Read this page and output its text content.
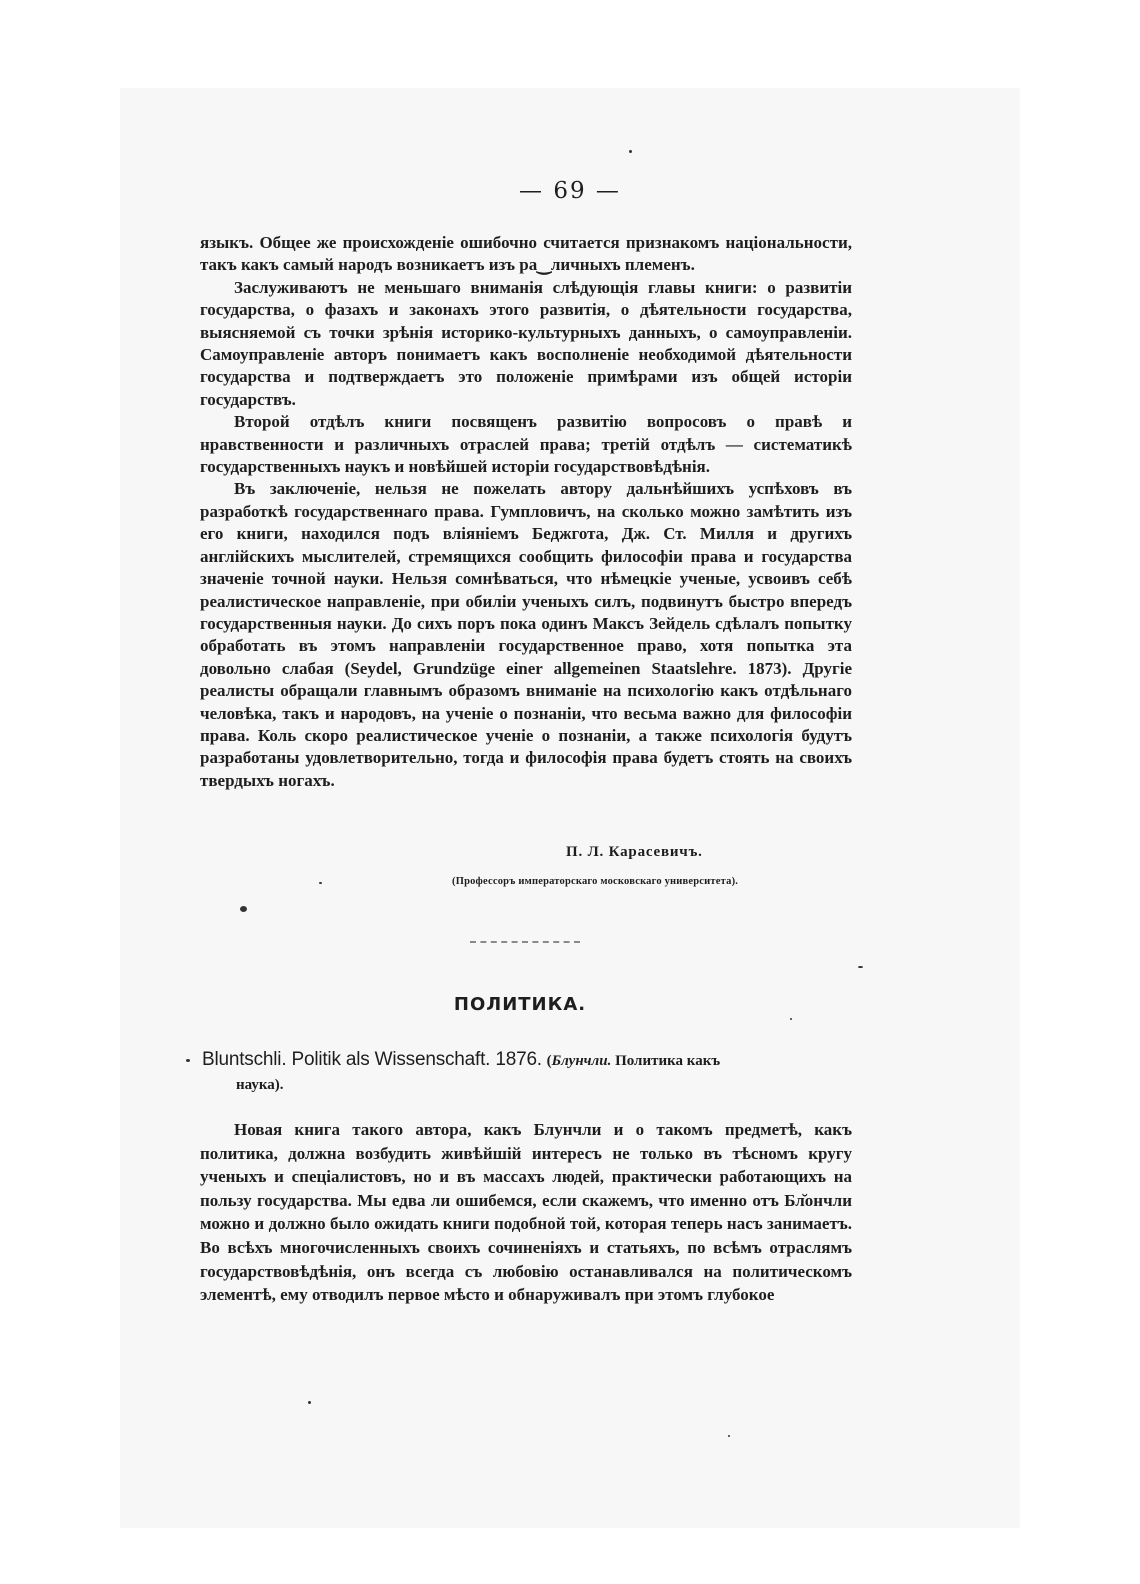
— 69 —

языкъ. Общее же происхожденіе ошибочно считается признакомъ національности, такъ какъ самый народъ возникаетъ изъ ра‿личныхъ племенъ.

Заслуживаютъ не меньшаго вниманія слѣдующія главы книги: о развитіи государства, о фазахъ и законахъ этого развитія, о дѣятельности государства, выясняемой съ точки зрѣнія историко-культурныхъ данныхъ, о самоуправленіи. Самоуправленіе авторъ понимаетъ какъ восполненіе необходимой дѣятельности государства и подтверждаетъ это положеніе примѣрами изъ общей исторіи государствъ.

Второй отдѣлъ книги посвященъ развитію вопросовъ о правѣ и нравственности и различныхъ отраслей права; третій отдѣлъ — систематикѣ государственныхъ наукъ и новѣйшей исторіи государствовѣдѣнія.

Въ заключеніе, нельзя не пожелать автору дальнѣйшихъ успѣховъ въ разработкѣ государственнаго права. Гумпловичъ, на сколько можно замѣтить изъ его книги, находился подъ вліяніемъ Беджгота, Дж. Ст. Милля и другихъ англійскихъ мыслителей, стремящихся сообщить философіи права и государства значеніе точной науки. Нельзя сомнѣваться, что нѣмецкіе ученые, усвоивъ себѣ реалистическое направленіе, при обиліи ученыхъ силъ, подвинутъ быстро впередъ государственныя науки. До сихъ поръ пока одинъ Максъ Зейдель сдѣлалъ попытку обработать въ этомъ направленіи государственное право, хотя попытка эта довольно слабая (Seydel, Grundzüge einer allgemeinen Staatslehre. 1873). Другіе реалисты обращали главнымъ образомъ вниманіе на психологію какъ отдѣльнаго человѣка, такъ и народовъ, на ученіе о познаніи, что весьма важно для философіи права. Коль скоро реалистическое ученіе о познаніи, а также психологія будутъ разработаны удовлетворительно, тогда и философія права будетъ стоять на своихъ твердыхъ ногахъ.

П. Л. Карасевичъ.
(Профессоръ императорскаго московскаго университета).
ПОЛИТИКА.
Bluntschli. Politik als Wissenschaft. 1876. (Блунчли. Политика какъ
наука).

Новая книга такого автора, какъ Блунчли и о такомъ предметѣ, какъ политика, должна возбудить живѣйшій интересъ не только въ тѣсномъ кругу ученыхъ и спеціалистовъ, но и въ массахъ людей, практически работающихъ на пользу государства. Мы едва ли ошибемся, если скажемъ, что именно отъ Бл̆ончли можно и должно было ожидать книги подобной той, которая теперь насъ занимаетъ. Во всѣхъ многочисленныхъ своихъ сочиненіяхъ и статьяхъ, по всѣмъ отраслямъ государствовѣдѣнія, онъ всегда съ любовію останавливался на политическомъ элементѣ, ему отводилъ первое мѣсто и обнаруживалъ при этомъ глубокое
